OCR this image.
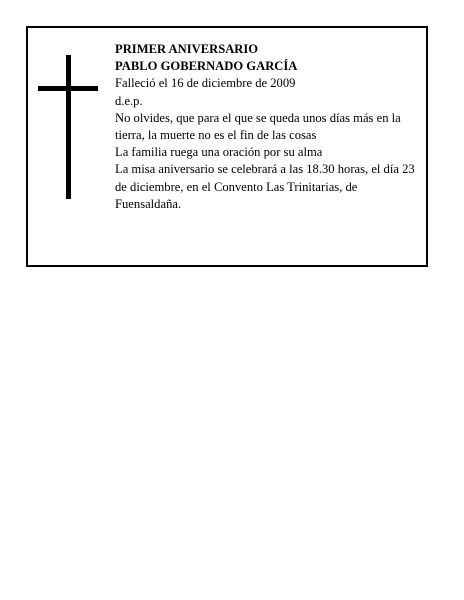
PRIMER ANIVERSARIO

PABLO GOBERNADO GARCÍA

Falleció el 16 de diciembre de 2009

d.e.p.

No olvides, que para el que se queda unos días más en la tierra, la muerte no es el fin de las cosas

La familia ruega una oración por su alma

La misa aniversario se celebrará a las 18.30 horas, el día 23 de diciembre, en el Convento Las Trinitarias, de Fuensaldaña.
